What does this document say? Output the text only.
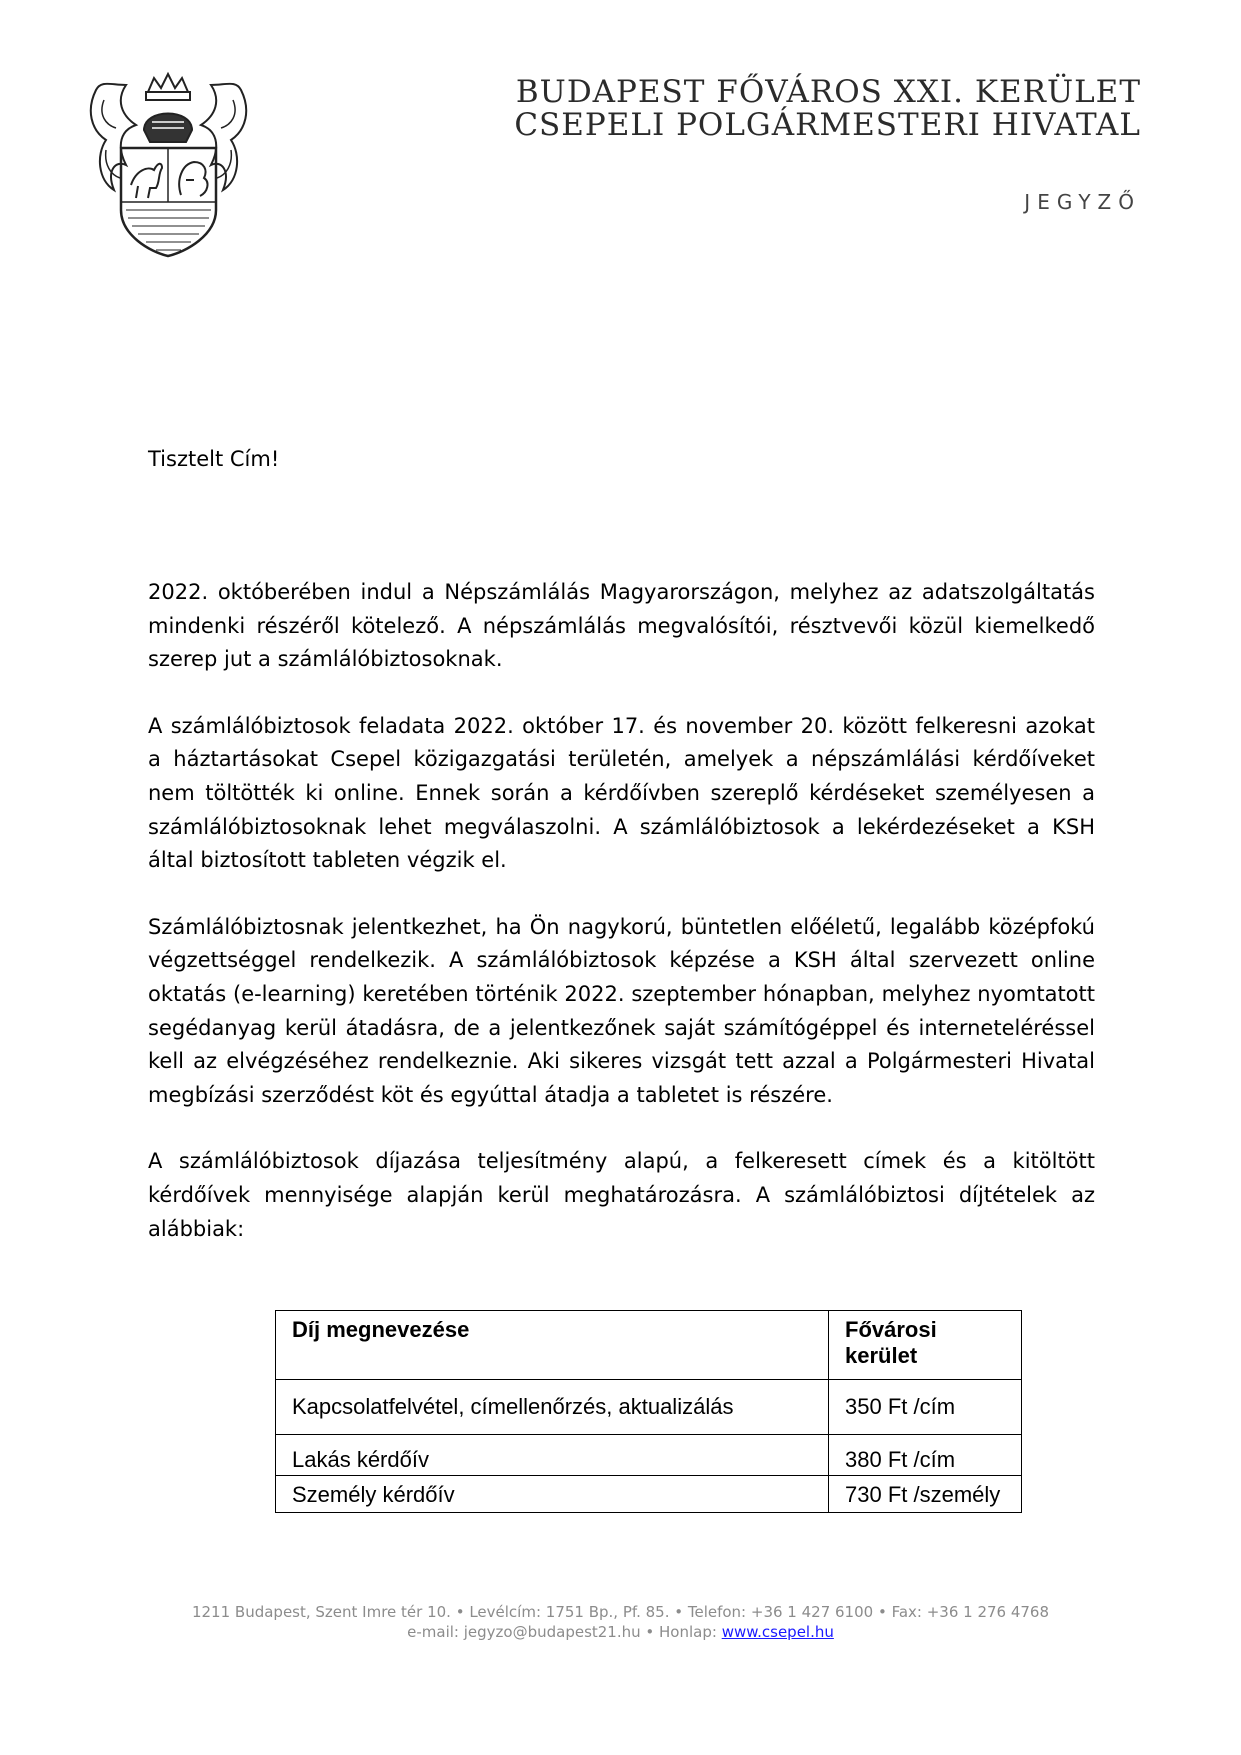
BUDAPEST FŐVÁROS XXI. KERÜLET
CSEPELI POLGÁRMESTERI HIVATAL
JEGYZŐ
Tisztelt Cím!

2022. októberében indul a Népszámlálás Magyarországon, melyhez az adatszolgáltatás mindenki részéről kötelező. A népszámlálás megvalósítói, résztvevői közül kiemelkedő szerep jut a számlálóbiztosoknak.

A számlálóbiztosok feladata 2022. október 17. és november 20. között felkeresni azokat a háztartásokat Csepel közigazgatási területén, amelyek a népszámlálási kérdőíveket nem töltötték ki online. Ennek során a kérdőívben szereplő kérdéseket személyesen a számlálóbiztosoknak lehet megválaszolni. A számlálóbiztosok a lekérdezéseket a KSH által biztosított tableten végzik el.

Számlálóbiztosnak jelentkezhet, ha Ön nagykorú, büntetlen előéletű, legalább középfokú végzettséggel rendelkezik. A számlálóbiztosok képzése a KSH által szervezett online oktatás (e-learning) keretében történik 2022. szeptember hónapban, melyhez nyomtatott segédanyag kerül átadásra, de a jelentkezőnek saját számítógéppel és interneteléréssel kell az elvégzéséhez rendelkeznie. Aki sikeres vizsgát tett azzal a Polgármesteri Hivatal megbízási szerződést köt és egyúttal átadja a tabletet is részére.

A számlálóbiztosok díjazása teljesítmény alapú, a felkeresett címek és a kitöltött kérdőívek mennyisége alapján kerül meghatározásra. A számlálóbiztosi díjtételek az alábbiak:

Díj megnevezése	Fővárosi kerület
Kapcsolatfelvétel, címellenőrzés, aktualizálás	350 Ft /cím
Lakás kérdőív	380 Ft /cím
Személy kérdőív	730 Ft /személy
1211 Budapest, Szent Imre tér 10. • Levélcím: 1751 Bp., Pf. 85. • Telefon: +36 1 427 6100 • Fax: +36 1 276 4768
e-mail: jegyzo@budapest21.hu • Honlap: www.csepel.hu
